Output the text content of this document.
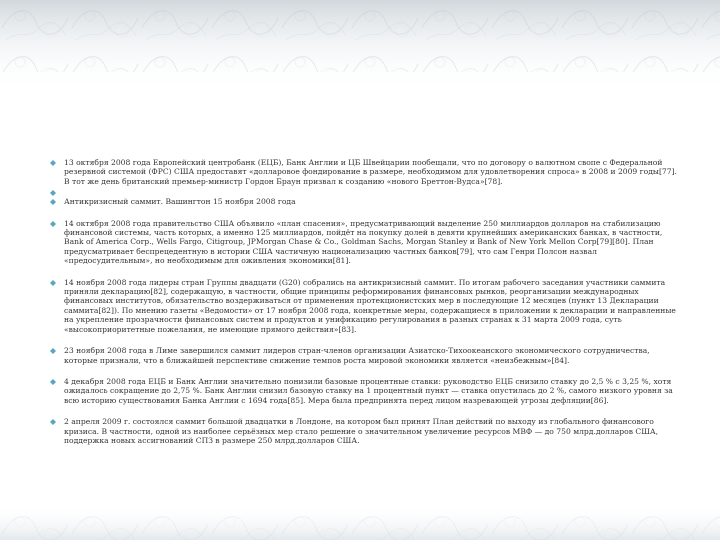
13 октября 2008 года Европейский центробанк (ЕЦБ), Банк Англии и ЦБ Швейцарии пообещали, что по договору о валютном свопе с Федеральной резервной системой (ФРС) США предоставят «долларовое фондирование в размере, необходимом для удовлетворения спроса» в 2008 и 2009 годы[77]. В тот же день британский премьер-министр Гордон Браун призвал к созданию «нового Бреттон-Вудса»[78].
Антикризисный саммит. Вашингтон 15 ноября 2008 года
14 октября 2008 года правительство США объявило «план спасения», предусматривающий выделение 250 миллиардов долларов на стабилизацию финансовой системы, часть которых, а именно 125 миллиардов, пойдёт на покупку долей в девяти крупнейших американских банках, в частности, Bank of America Corp., Wells Fargo, Citigroup, JPMorgan Chase & Co., Goldman Sachs, Morgan Stanley и Bank of New York Mellon Corp[79][80]. План предусматривает беспрецедентную в истории США частичную национализацию частных банков[79], что сам Генри Полсон назвал «предосудительным», но необходимым для оживления экономики[81].
14 ноября 2008 года лидеры стран Группы двадцати (G20) собрались на антикризисный саммит. По итогам рабочего заседания участники саммита приняли декларацию[82], содержащую, в частности, общие принципы реформирования финансовых рынков, реорганизации международных финансовых институтов, обязательство воздерживаться от применения протекционистских мер в последующие 12 месяцев (пункт 13 Декларации саммита[82]). По мнению газеты «Ведомости» от 17 ноября 2008 года, конкретные меры, содержащиеся в приложении к декларации и направленные на укрепление прозрачности финансовых систем и продуктов и унификацию регулирования в разных странах к 31 марта 2009 года, суть «высокоприоритетные пожелания, не имеющие прямого действия»[83].
23 ноября 2008 года в Лиме завершился саммит лидеров стран-членов организации Азиатско-Тихоокеанского экономического сотрудничества, которые признали, что в ближайшей перспективе снижение темпов роста мировой экономики является «неизбежным»[84].
4 декабря 2008 года ЕЦБ и Банк Англии значительно понизили базовые процентные ставки: руководство ЕЦБ снизило ставку до 2,5 % с 3,25 %, хотя ожидалось сокращение до 2,75 %. Банк Англии снизил базовую ставку на 1 процентный пункт — ставка опустилась до 2 %, самого низкого уровня за всю историю существования Банка Англии с 1694 года[85]. Мера была предпринята перед лицом назревающей угрозы дефляции[86].
2 апреля 2009 г. состоялся саммит большой двадцатки в Лондоне, на котором был принят План действий по выходу из глобального финансового кризиса. В частности, одной из наиболее серьёзных мер стало решение о значительном увеличение ресурсов МВФ — до 750 млрд.долларов США, поддержка новых ассигнований СПЗ в размере 250 млрд.долларов США.
